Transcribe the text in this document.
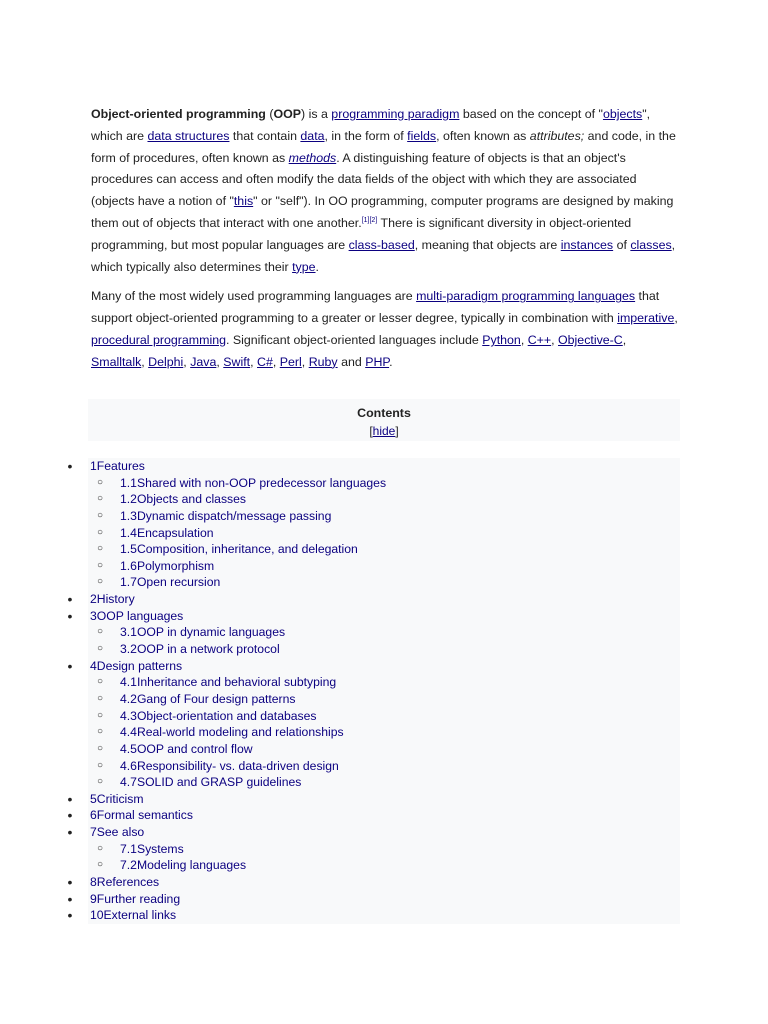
Object-oriented programming (OOP) is a programming paradigm based on the concept of "objects", which are data structures that contain data, in the form of fields, often known as attributes; and code, in the form of procedures, often known as methods. A distinguishing feature of objects is that an object's procedures can access and often modify the data fields of the object with which they are associated (objects have a notion of "this" or "self"). In OO programming, computer programs are designed by making them out of objects that interact with one another.[1][2] There is significant diversity in object-oriented programming, but most popular languages are class-based, meaning that objects are instances of classes, which typically also determines their type.

Many of the most widely used programming languages are multi-paradigm programming languages that support object-oriented programming to a greater or lesser degree, typically in combination with imperative, procedural programming. Significant object-oriented languages include Python, C++, Objective-C, Smalltalk, Delphi, Java, Swift, C#, Perl, Ruby and PHP.

Contents
[hide]
• 1Features
○ 1.1Shared with non-OOP predecessor languages
○ 1.2Objects and classes
○ 1.3Dynamic dispatch/message passing
○ 1.4Encapsulation
○ 1.5Composition, inheritance, and delegation
○ 1.6Polymorphism
○ 1.7Open recursion
• 2History
• 3OOP languages
○ 3.1OOP in dynamic languages
○ 3.2OOP in a network protocol
• 4Design patterns
○ 4.1Inheritance and behavioral subtyping
○ 4.2Gang of Four design patterns
○ 4.3Object-orientation and databases
○ 4.4Real-world modeling and relationships
○ 4.5OOP and control flow
○ 4.6Responsibility- vs. data-driven design
○ 4.7SOLID and GRASP guidelines
• 5Criticism
• 6Formal semantics
• 7See also
○ 7.1Systems
○ 7.2Modeling languages
• 8References
• 9Further reading
• 10External links
